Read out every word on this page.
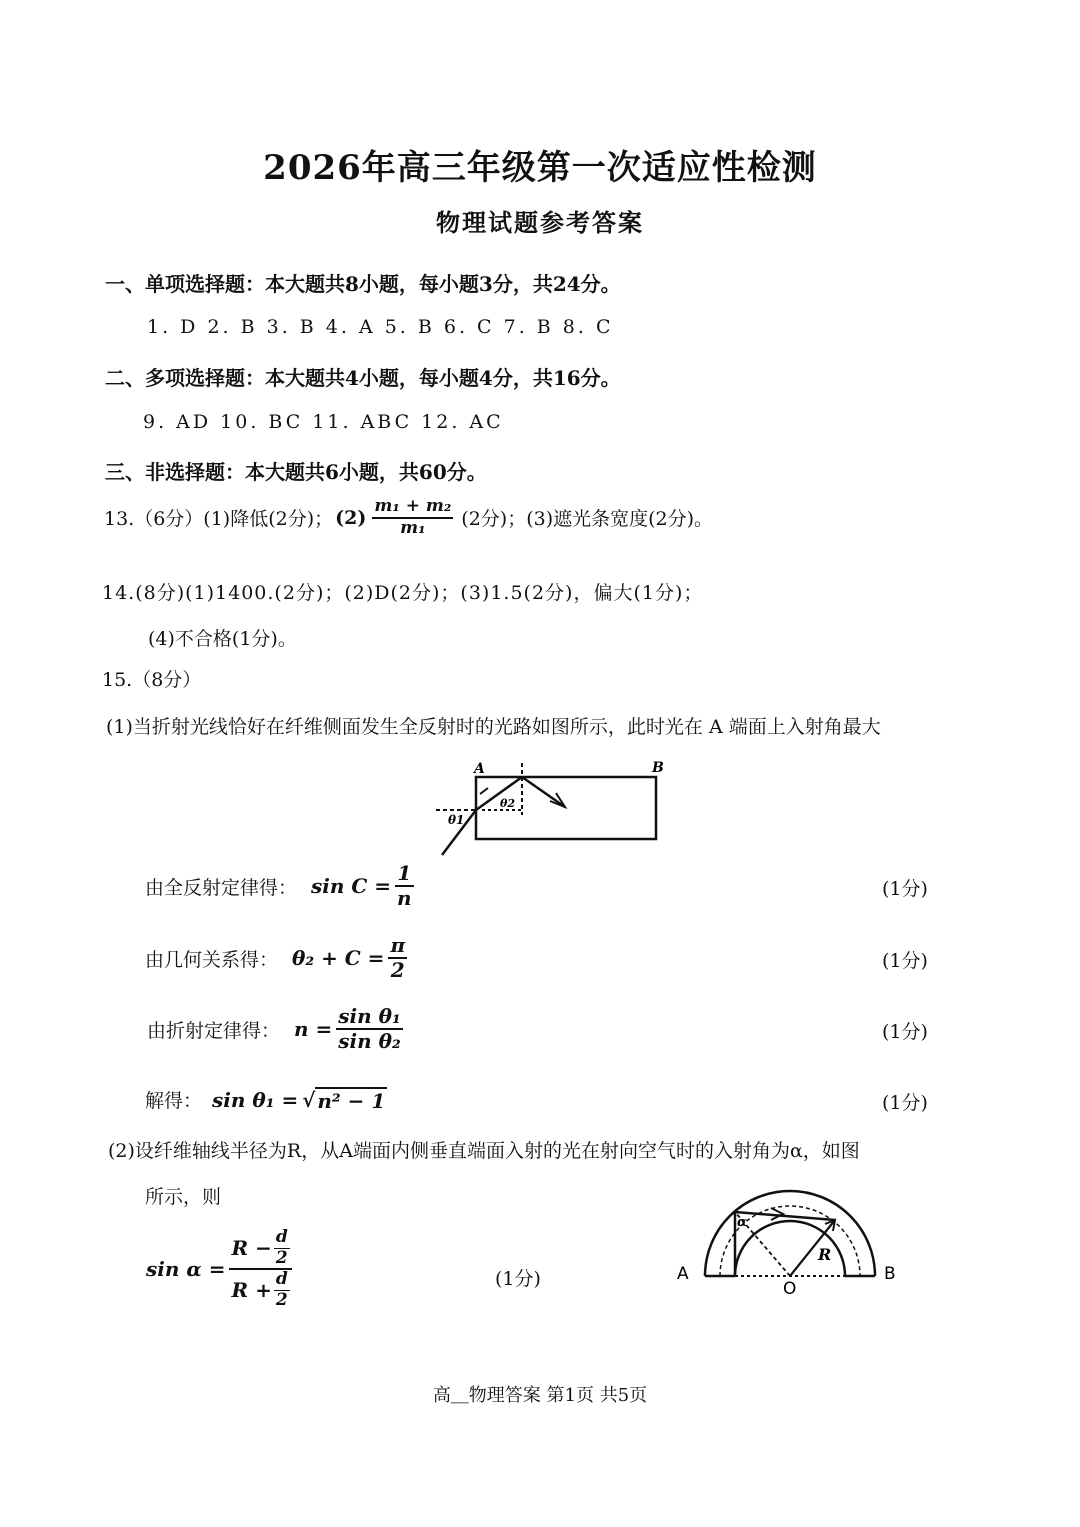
2026年高三年级第一次适应性检测
物理试题参考答案
一、单项选择题：本大题共8小题，每小题3分，共24分。
1. D 2. B 3. B 4. A 5. B 6. C 7. B 8. C
二、多项选择题：本大题共4小题，每小题4分，共16分。
9. AD 10. BC 11. ABC 12. AC
三、非选择题：本大题共6小题，共60分。
13.（6分）(1)降低(2分)； $(2) \frac{\text{m₁ + m₂}}{\text{m₁}} (2$分)；(3)遮光条宽度(2分)。
14.(8分)(1)1400.(2分)；(2)D(2分)；(3)1.5(2分)，偏大(1分)；
(4)不合格(1分)。
15.（8分）
(1)当折射光线恰好在纤维侧面发生全反射时的光路如图所示，此时光在 A 端面上入射角最大
A	B
θ1
θ2
由全反射定律得： $\sin C = \frac{1}{n}$	(1分)
由几何关系得： $\theta_2 + C = \frac{\pi}{2}$	(1分)
由折射定律得： $n = \frac{\text{sin θ₁}}{\text{sin θ₂}}$	(1分)
解得： sin θ₁ = √ n² − 1	(1分)
(2)设纤维轴线半径为R，从A端面内侧垂直端面入射的光在射向空气时的入射角为α，如图
所示，则
$\sin \alpha = \frac{R - \frac{d}{2}}{R + \frac{d}{2}}$	(1分)	A	B
O
R
α
高＿物理答案 第1页 共5页
